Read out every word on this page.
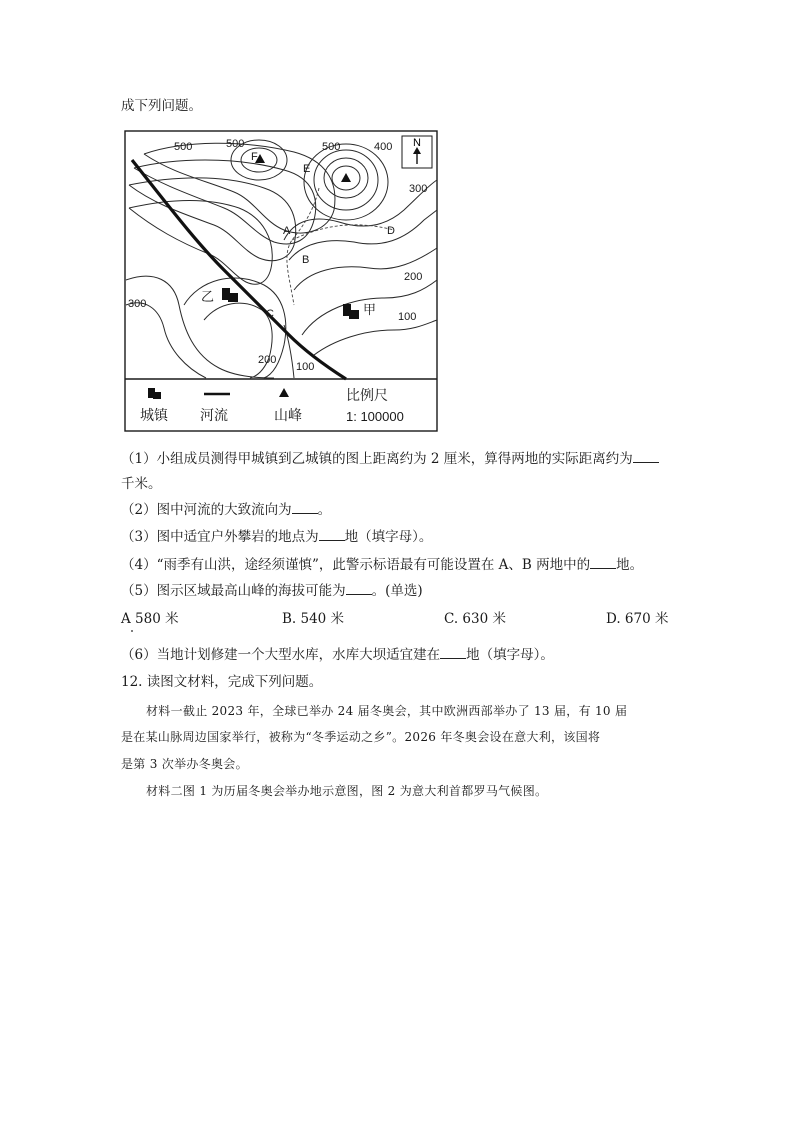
成下列问题。
N
500	500	500	400
300
200
100
200
100
300
300
A
B
C
D
E
F
乙
甲
城镇 河流	山峰
比例尺
1: 100000
（1）小组成员测得甲城镇到乙城镇的图上距离约为 2 厘米，算得两地的实际距离约为
千米。
（2）图中河流的大致流向为 。
（3）图中适宜户外攀岩的地点为 地（填字母）。
（4）“雨季有山洪，途经须谨慎”，此警示标语最有可能设置在 A、B 两地中的 地。
（5）图示区域最高山峰的海拔可能为 。(单选)
A 580 米	B. 540 米	C. 630 米	D. 670 米
（6）当地计划修建一个大型水库，水库大坝适宜建在 地（填字母）。
12. 读图文材料，完成下列问题。
材料一截止 2023 年，全球已举办 24 届冬奥会，其中欧洲西部举办了 13 届，有 10 届
是在某山脉周边国家举行，被称为“冬季运动之乡”。2026 年冬奥会设在意大利，该国将
是第 3 次举办冬奥会。
材料二图 1 为历届冬奥会举办地示意图，图 2 为意大利首都罗马气候图。
